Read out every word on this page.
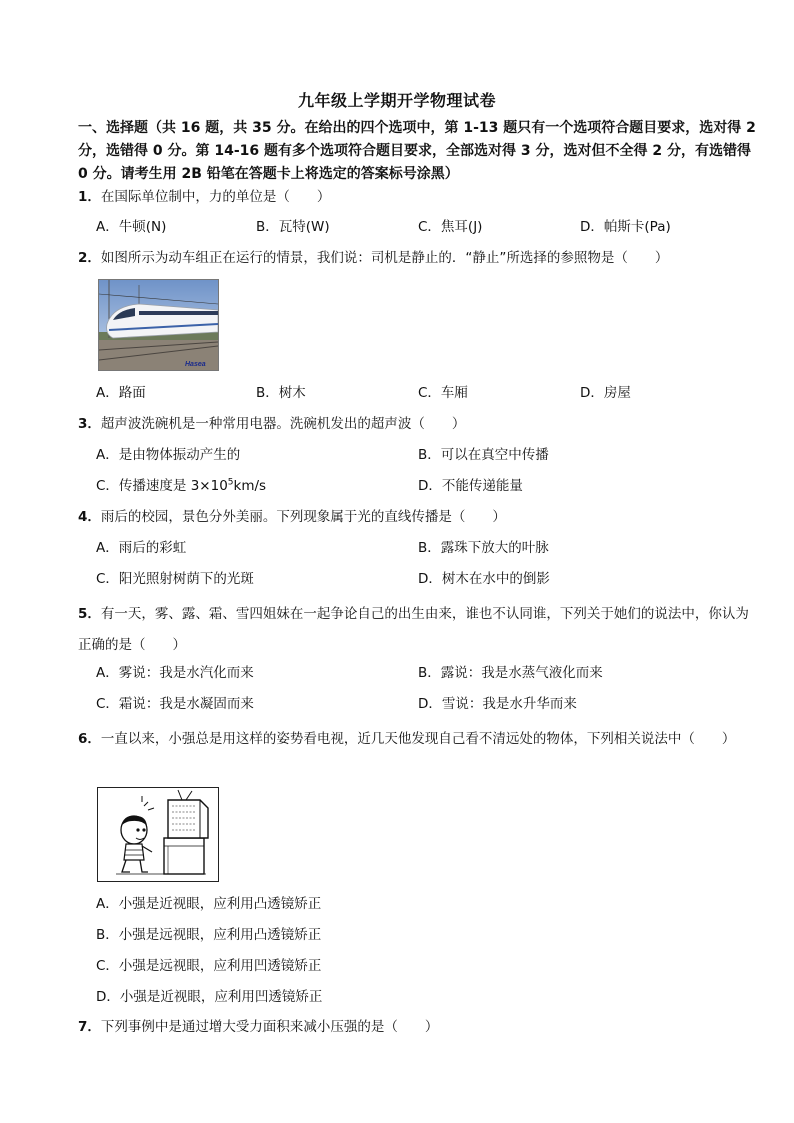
九年级上学期开学物理试卷
一、选择题（共 16 题，共 35 分。在给出的四个选项中，第 1-13 题只有一个选项符合题目要求，选对得 2 分，选错得 0 分。第 14-16 题有多个选项符合题目要求，全部选对得 3 分，选对但不全得 2 分，有选错得 0 分。请考生用 2B 铅笔在答题卡上将选定的答案标号涂黑）
1．在国际单位制中，力的单位是（　　）
A．牛顿(N)	B．瓦特(W)	C．焦耳(J)	D．帕斯卡(Pa)
2．如图所示为动车组正在运行的情景，我们说：司机是静止的．“静止”所选择的参照物是（　　）
Hasea
A．路面	B．树木	C．车厢	D．房屋
3．超声波洗碗机是一种常用电器。洗碗机发出的超声波（　　）
A．是由物体振动产生的	B．可以在真空中传播
C．传播速度是 $3\times 10^5km/s$	D．不能传递能量
4．雨后的校园，景色分外美丽。下列现象属于光的直线传播是（　　）
A．雨后的彩虹	B．露珠下放大的叶脉
C．阳光照射树荫下的光斑	D．树木在水中的倒影
5．有一天，雾、露、霜、雪四姐妹在一起争论自己的出生由来，谁也不认同谁，下列关于她们的说法中，你认为正确的是（　　）
A．雾说：我是水汽化而来	B．露说：我是水蒸气液化而来
C．霜说：我是水凝固而来	D．雪说：我是水升华而来
6．一直以来，小强总是用这样的姿势看电视，近几天他发现自己看不清远处的物体，下列相关说法中（　　）
A．小强是近视眼，应利用凸透镜矫正
B．小强是远视眼，应利用凸透镜矫正
C．小强是远视眼，应利用凹透镜矫正
D．小强是近视眼，应利用凹透镜矫正
7．下列事例中是通过增大受力面积来减小压强的是（　　）
